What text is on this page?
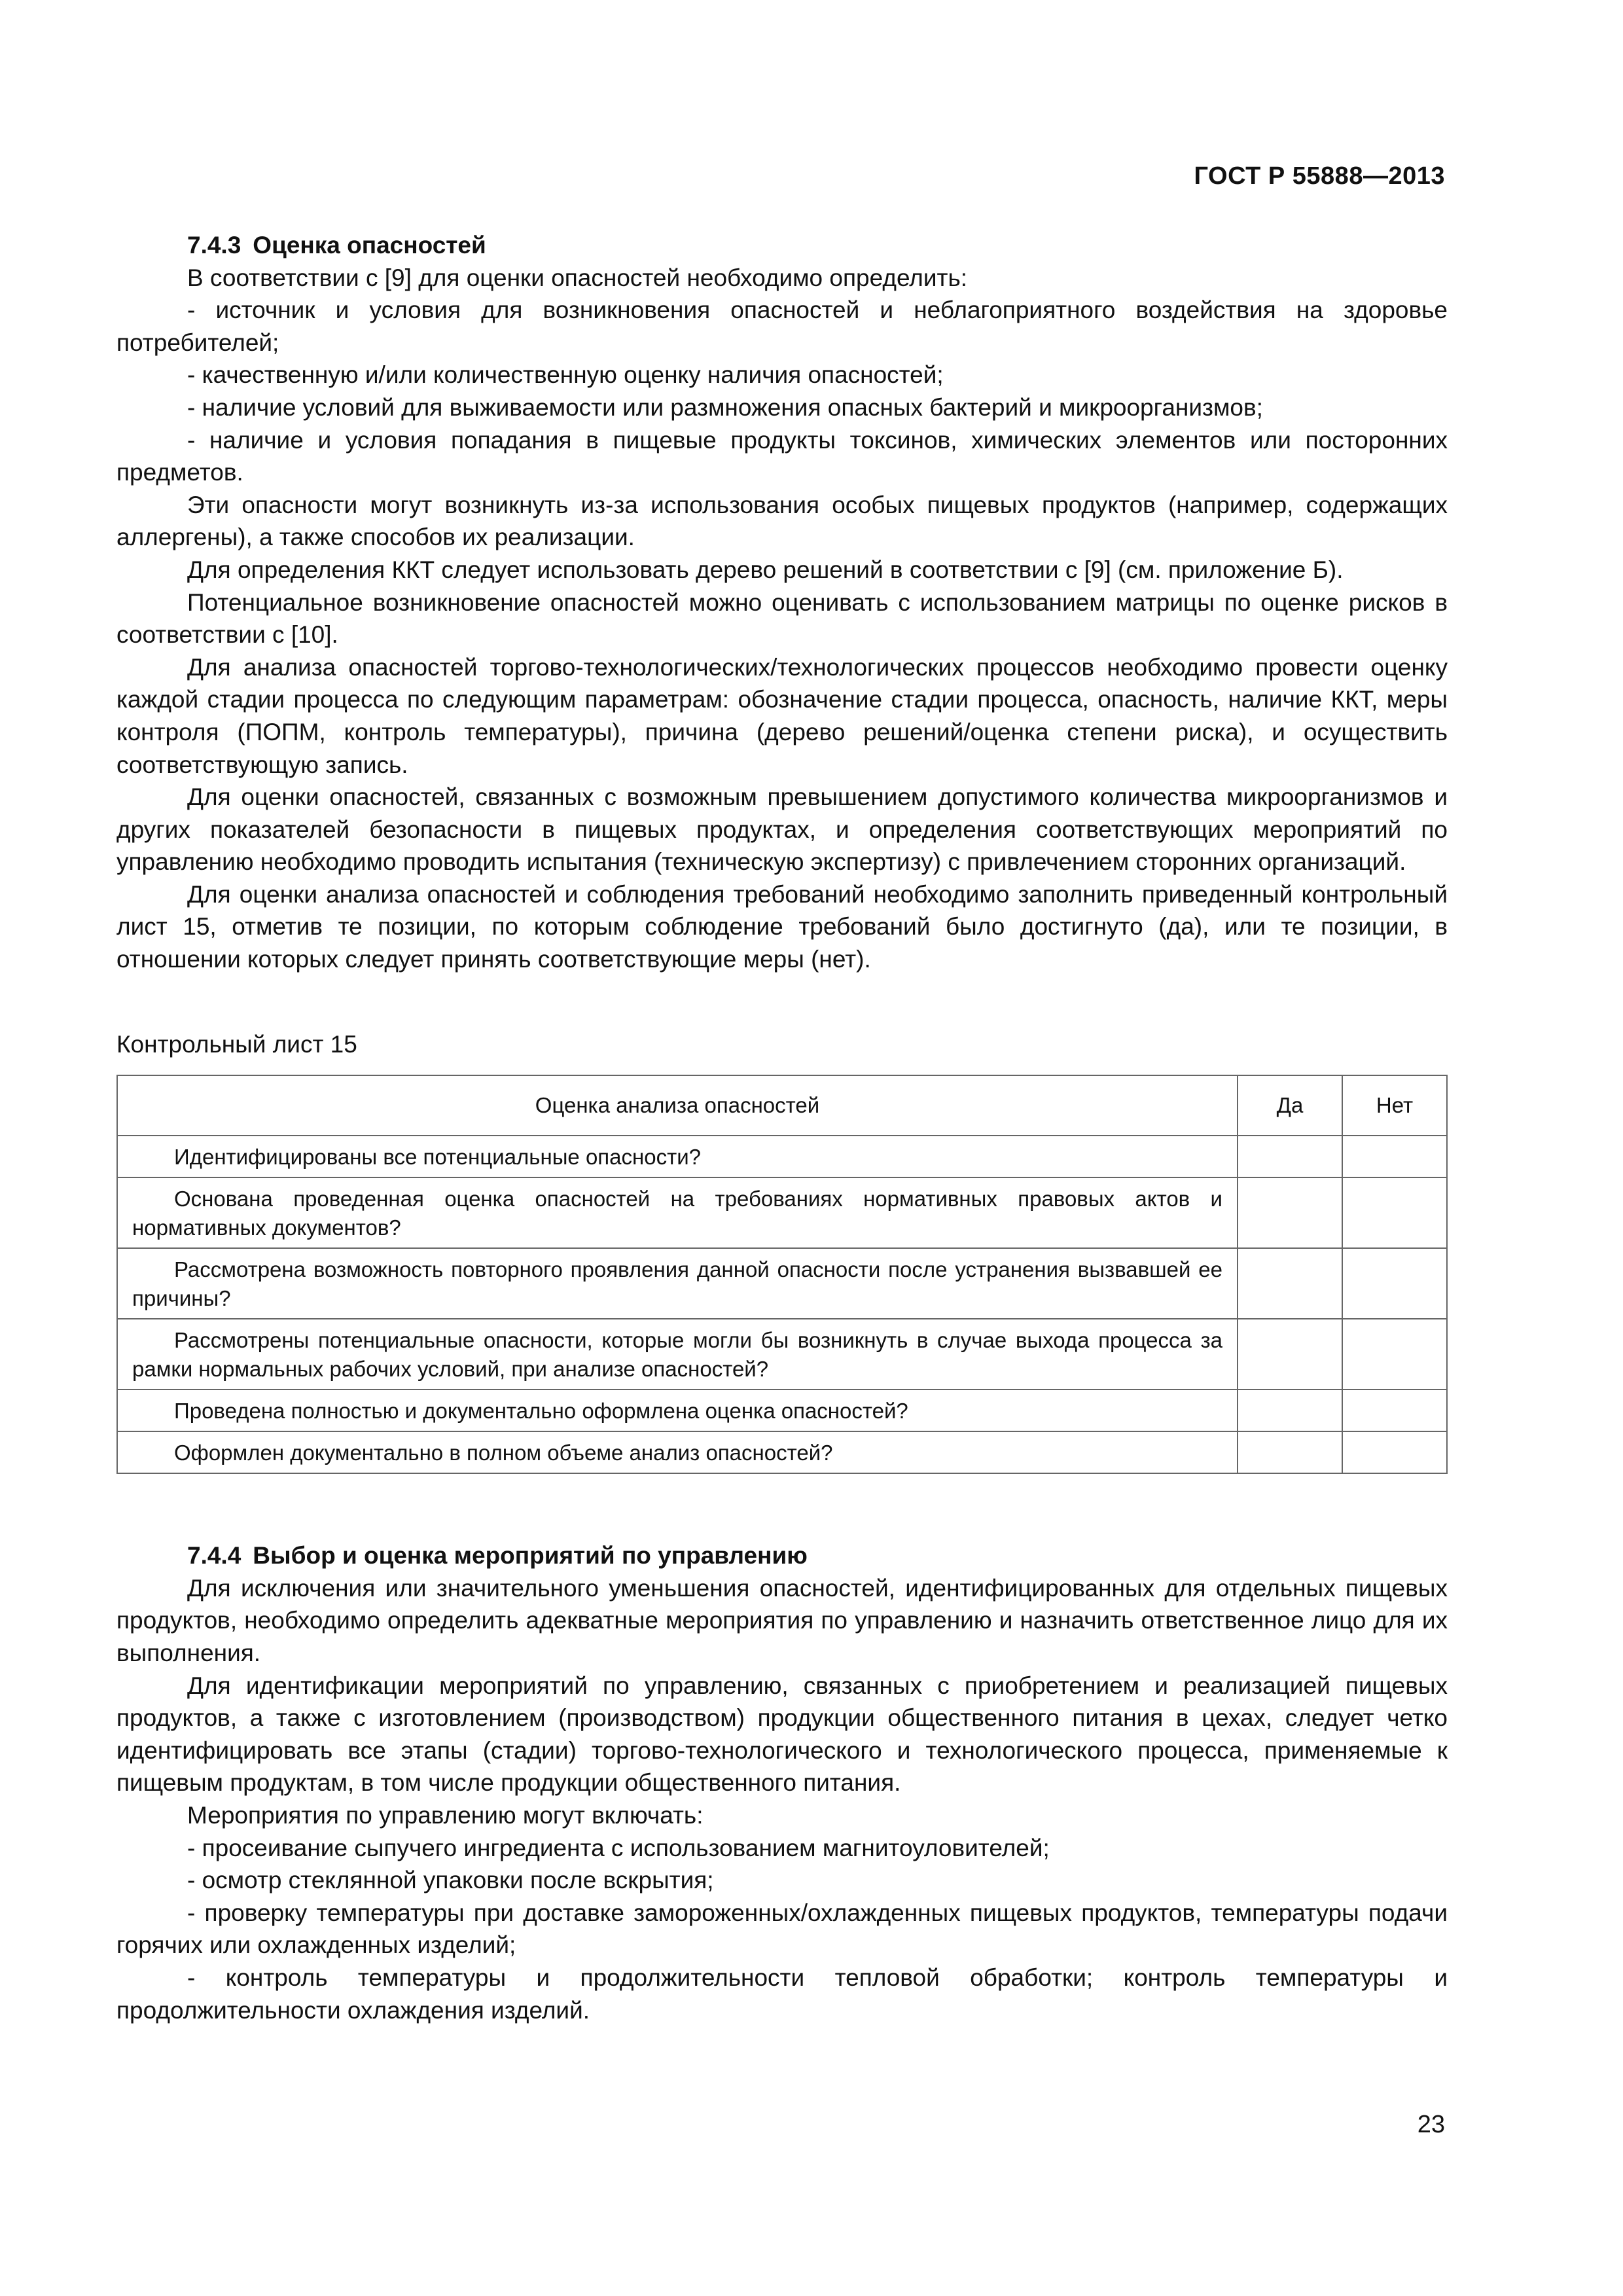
ГОСТ Р 55888—2013

7.4.3 Оценка опасностей

В соответствии с [9] для оценки опасностей необходимо определить:

- источник и условия для возникновения опасностей и неблагоприятного воздействия на здоровье потребителей;

- качественную и/или количественную оценку наличия опасностей;

- наличие условий для выживаемости или размножения опасных бактерий и микроорганизмов;

- наличие и условия попадания в пищевые продукты токсинов, химических элементов или посторонних предметов.

Эти опасности могут возникнуть из-за использования особых пищевых продуктов (например, содержащих аллергены), а также способов их реализации.

Для определения ККТ следует использовать дерево решений в соответствии с [9] (см. приложение Б).

Потенциальное возникновение опасностей можно оценивать с использованием матрицы по оценке рисков в соответствии с [10].

Для анализа опасностей торгово-технологических/технологических процессов необходимо провести оценку каждой стадии процесса по следующим параметрам: обозначение стадии процесса, опасность, наличие ККТ, меры контроля (ПОПМ, контроль температуры), причина (дерево решений/оценка степени риска), и осуществить соответствующую запись.

Для оценки опасностей, связанных с возможным превышением допустимого количества микроорганизмов и других показателей безопасности в пищевых продуктах, и определения соответствующих мероприятий по управлению необходимо проводить испытания (техническую экспертизу) с привлечением сторонних организаций.

Для оценки анализа опасностей и соблюдения требований необходимо заполнить приведенный контрольный лист 15, отметив те позиции, по которым соблюдение требований было достигнуто (да), или те позиции, в отношении которых следует принять соответствующие меры (нет).

Контрольный лист 15

Оценка анализа опасностей	Да	Нет
Идентифицированы все потенциальные опасности?		
Основана проведенная оценка опасностей на требованиях нормативных правовых актов и нормативных документов?		
Рассмотрена возможность повторного проявления данной опасности после устранения вызвавшей ее причины?		
Рассмотрены потенциальные опасности, которые могли бы возникнуть в случае выхода процесса за рамки нормальных рабочих условий, при анализе опасностей?		
Проведена полностью и документально оформлена оценка опасностей?		
Оформлен документально в полном объеме анализ опасностей?		

7.4.4 Выбор и оценка мероприятий по управлению

Для исключения или значительного уменьшения опасностей, идентифицированных для отдельных пищевых продуктов, необходимо определить адекватные мероприятия по управлению и назначить ответственное лицо для их выполнения.

Для идентификации мероприятий по управлению, связанных с приобретением и реализацией пищевых продуктов, а также с изготовлением (производством) продукции общественного питания в цехах, следует четко идентифицировать все этапы (стадии) торгово-технологического и технологического процесса, применяемые к пищевым продуктам, в том числе продукции общественного питания.

Мероприятия по управлению могут включать:

- просеивание сыпучего ингредиента с использованием магнитоуловителей;

- осмотр стеклянной упаковки после вскрытия;

- проверку температуры при доставке замороженных/охлажденных пищевых продуктов, температуры подачи горячих или охлажденных изделий;

- контроль температуры и продолжительности тепловой обработки; контроль температуры и продолжительности охлаждения изделий.

23
